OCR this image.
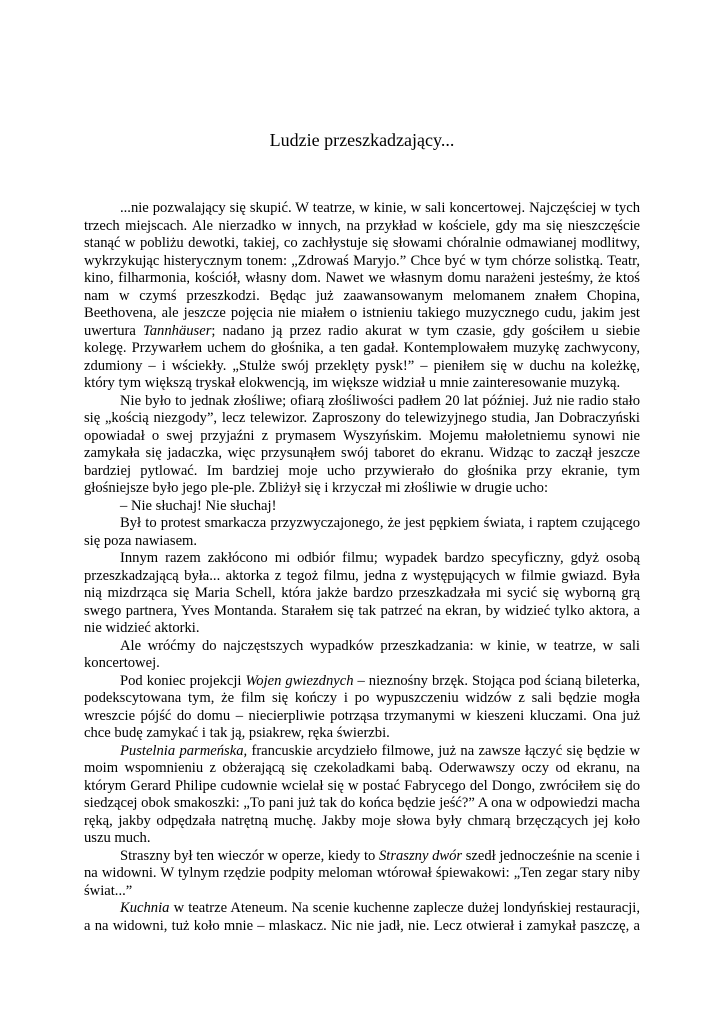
Ludzie przeszkadzający...

...nie pozwalający się skupić. W teatrze, w kinie, w sali koncertowej. Najczęściej w tych trzech miejscach. Ale nierzadko w innych, na przykład w kościele, gdy ma się nieszczęście stanąć w pobliżu dewotki, takiej, co zachłystuje się słowami chóralnie odmawianej modlitwy, wykrzykując histerycznym tonem: „Zdrowaś Maryjo.” Chce być w tym chórze solistką. Teatr, kino, filharmonia, kościół, własny dom. Nawet we własnym domu narażeni jesteśmy, że ktoś nam w czymś przeszkodzi. Będąc już zaawansowanym melomanem znałem Chopina, Beethovena, ale jeszcze pojęcia nie miałem o istnieniu takiego muzycznego cudu, jakim jest uwertura Tannhäuser; nadano ją przez radio akurat w tym czasie, gdy gościłem u siebie kolegę. Przywarłem uchem do głośnika, a ten gadał. Kontemplowałem muzykę zachwycony, zdumiony – i wściekły. „Stulże swój przeklęty pysk!” – pieniłem się w duchu na koleżkę, który tym większą tryskał elokwencją, im większe widział u mnie zainteresowanie muzyką.

Nie było to jednak złośliwe; ofiarą złośliwości padłem 20 lat później. Już nie radio stało się „kością niezgody”, lecz telewizor. Zaproszony do telewizyjnego studia, Jan Dobraczyński opowiadał o swej przyjaźni z prymasem Wyszyńskim. Mojemu małoletniemu synowi nie zamykała się jadaczka, więc przysunąłem swój taboret do ekranu. Widząc to zaczął jeszcze bardziej pytlować. Im bardziej moje ucho przywierało do głośnika przy ekranie, tym głośniejsze było jego ple-ple. Zbliżył się i krzyczał mi złośliwie w drugie ucho:

– Nie słuchaj! Nie słuchaj!

Był to protest smarkacza przyzwyczajonego, że jest pępkiem świata, i raptem czującego się poza nawiasem.

Innym razem zakłócono mi odbiór filmu; wypadek bardzo specyficzny, gdyż osobą przeszkadzającą była... aktorka z tegoż filmu, jedna z występujących w filmie gwiazd. Była nią mizdrząca się Maria Schell, która jakże bardzo przeszkadzała mi sycić się wyborną grą swego partnera, Yves Montanda. Starałem się tak patrzeć na ekran, by widzieć tylko aktora, a nie widzieć aktorki.

Ale wróćmy do najczęstszych wypadków przeszkadzania: w kinie, w teatrze, w sali koncertowej.

Pod koniec projekcji Wojen gwiezdnych – nieznośny brzęk. Stojąca pod ścianą bileterka, podekscytowana tym, że film się kończy i po wypuszczeniu widzów z sali będzie mogła wreszcie pójść do domu – niecierpliwie potrząsa trzymanymi w kieszeni kluczami. Ona już chce budę zamykać i tak ją, psiakrew, ręka świerzbi.

Pustelnia parmeńska, francuskie arcydzieło filmowe, już na zawsze łączyć się będzie w moim wspomnieniu z obżerającą się czekoladkami babą. Oderwawszy oczy od ekranu, na którym Gerard Philipe cudownie wcielał się w postać Fabrycego del Dongo, zwróciłem się do siedzącej obok smakoszki: „To pani już tak do końca będzie jeść?” A ona w odpowiedzi macha ręką, jakby odpędzała natrętną muchę. Jakby moje słowa były chmarą brzęczących jej koło uszu much.

Straszny był ten wieczór w operze, kiedy to Straszny dwór szedł jednocześnie na scenie i na widowni. W tylnym rzędzie podpity meloman wtórował śpiewakowi: „Ten zegar stary niby świat...”

Kuchnia w teatrze Ateneum. Na scenie kuchenne zaplecze dużej londyńskiej restauracji, a na widowni, tuż koło mnie – mlaskacz. Nic nie jadł, nie. Lecz otwierał i zamykał paszczę, a
